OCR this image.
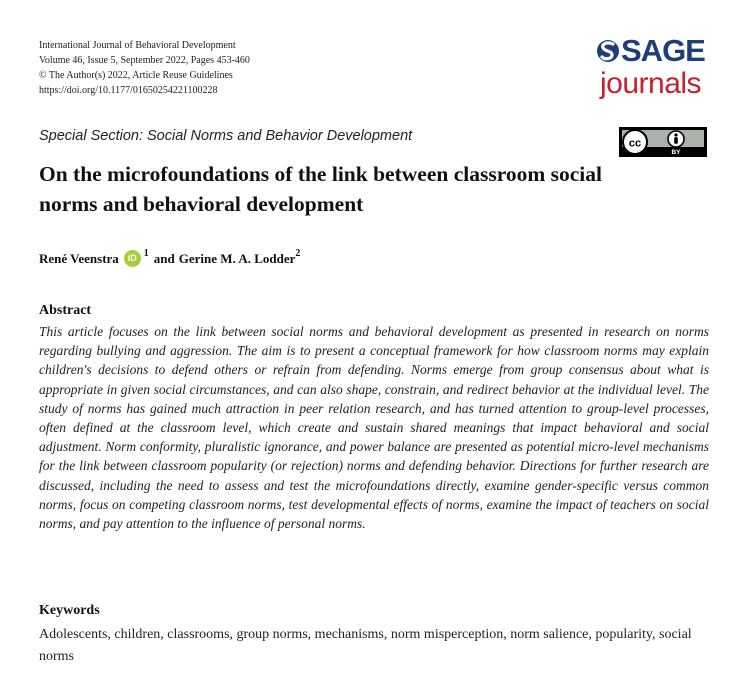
International Journal of Behavioral Development
Volume 46, Issue 5, September 2022, Pages 453-460
© The Author(s) 2022, Article Reuse Guidelines
https://doi.org/10.1177/01650254221100228
SAGE
journals
Special Section: Social Norms and Behavior Development	cc
BY
On the microfoundations of the link between classroom social norms and behavioral development
René Veenstra	iD $^1$ and Gerine M. A. Lodder$^2$
Abstract
This article focuses on the link between social norms and behavioral development as presented in research on norms regarding bullying and aggression. The aim is to present a conceptual framework for how classroom norms may explain children's decisions to defend others or refrain from defending. Norms emerge from group consensus about what is appropriate in given social circumstances, and can also shape, constrain, and redirect behavior at the individual level. The study of norms has gained much attraction in peer relation research, and has turned attention to group-level processes, often defined at the classroom level, which create and sustain shared meanings that impact behavioral and social adjustment. Norm conformity, pluralistic ignorance, and power balance are presented as potential micro-level mechanisms for the link between classroom popularity (or rejection) norms and defending behavior. Directions for further research are discussed, including the need to assess and test the microfoundations directly, examine gender-specific versus common norms, focus on competing classroom norms, test developmental effects of norms, examine the impact of teachers on social norms, and pay attention to the influence of personal norms.
Keywords
Adolescents, children, classrooms, group norms, mechanisms, norm misperception, norm salience, popularity, social norms
